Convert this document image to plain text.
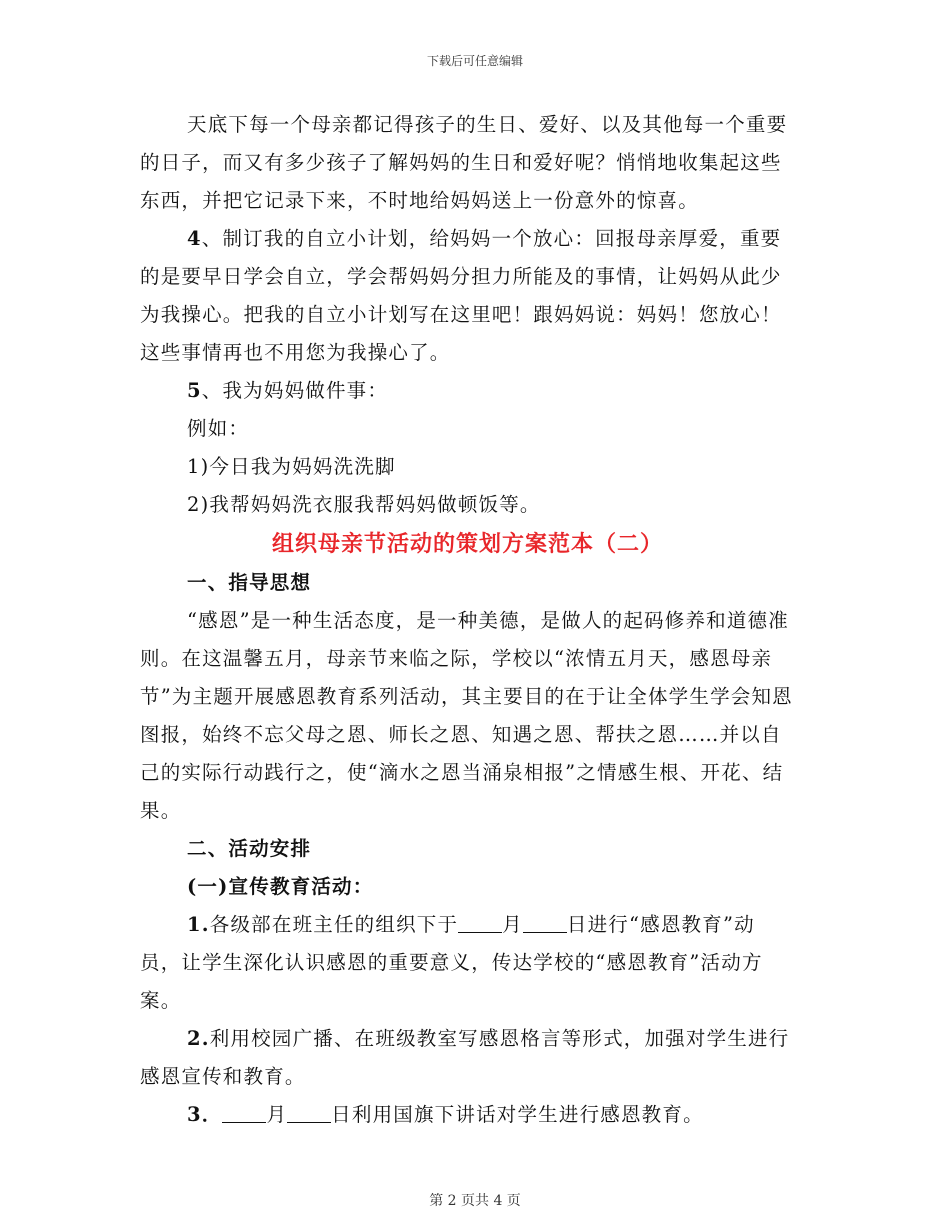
下载后可任意编辑

天底下每一个母亲都记得孩子的生日、爱好、以及其他每一个重要的日子，而又有多少孩子了解妈妈的生日和爱好呢？悄悄地收集起这些东西，并把它记录下来，不时地给妈妈送上一份意外的惊喜。

4、制订我的自立小计划，给妈妈一个放心：回报母亲厚爱，重要的是要早日学会自立，学会帮妈妈分担力所能及的事情，让妈妈从此少为我操心。把我的自立小计划写在这里吧！跟妈妈说：妈妈！您放心！这些事情再也不用您为我操心了。

5、我为妈妈做件事：

例如：

1)今日我为妈妈洗洗脚

2)我帮妈妈洗衣服我帮妈妈做顿饭等。

组织母亲节活动的策划方案范本（二）

一、指导思想

“感恩”是一种生活态度，是一种美德，是做人的起码修养和道德准则。在这温馨五月，母亲节来临之际，学校以“浓情五月天，感恩母亲节”为主题开展感恩教育系列活动，其主要目的在于让全体学生学会知恩图报，始终不忘父母之恩、师长之恩、知遇之恩、帮扶之恩……并以自己的实际行动践行之，使“滴水之恩当涌泉相报”之情感生根、开花、结果。

二、活动安排

(一)宣传教育活动：

1.各级部在班主任的组织下于 月 日进行“感恩教育”动员，让学生深化认识感恩的重要意义，传达学校的“感恩教育”活动方案。

2.利用校园广播、在班级教室写感恩格言等形式，加强对学生进行感恩宣传和教育。

3． 月 日利用国旗下讲话对学生进行感恩教育。

第 2 页共 4 页
